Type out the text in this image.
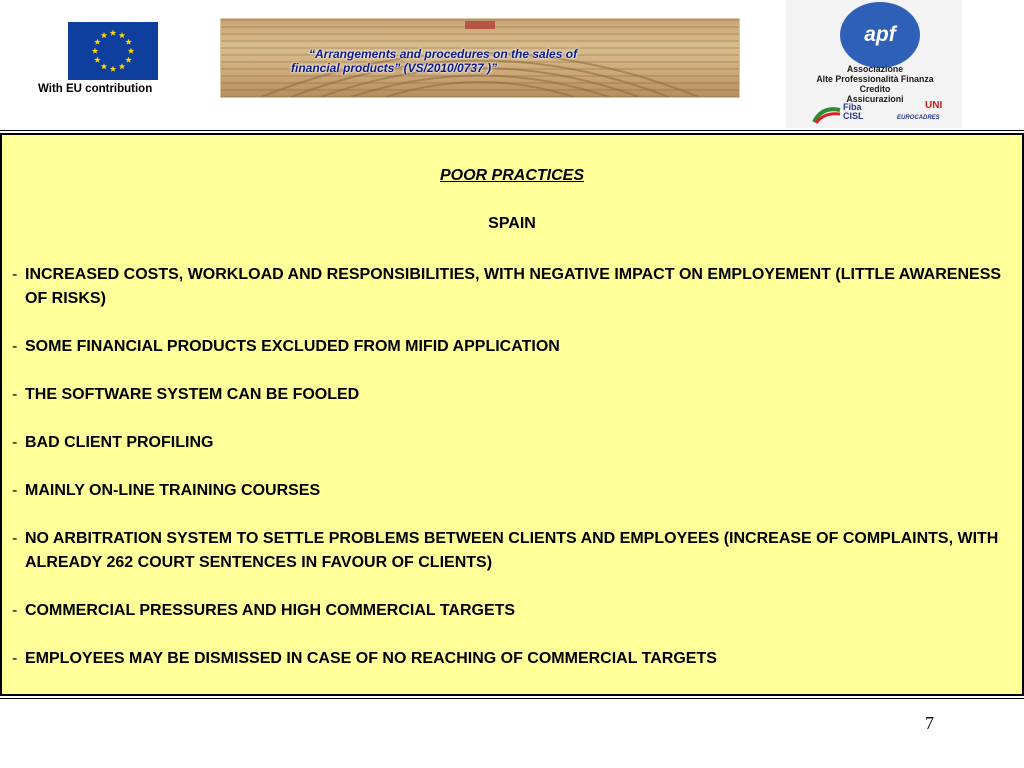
With EU contribution
“Arrangements and procedures on the sales of
financial products” (VS/2010/0737 )”
apf
Associazione
Alte Professionalità Finanza
Credito
Assicurazioni
Fiba
CISL
UNI
EUROCADRES
POOR PRACTICES
SPAIN
- INCREASED COSTS, WORKLOAD AND RESPONSIBILITIES, WITH NEGATIVE IMPACT ON EMPLOYEMENT (LITTLE AWARENESS OF RISKS)
- SOME FINANCIAL PRODUCTS EXCLUDED FROM MIFID APPLICATION
- THE SOFTWARE SYSTEM CAN BE FOOLED
- BAD CLIENT PROFILING
- MAINLY ON-LINE TRAINING COURSES
- NO ARBITRATION SYSTEM TO SETTLE PROBLEMS BETWEEN CLIENTS AND EMPLOYEES (INCREASE OF COMPLAINTS, WITH ALREADY 262 COURT SENTENCES IN FAVOUR OF CLIENTS)
- COMMERCIAL PRESSURES AND HIGH COMMERCIAL TARGETS
- EMPLOYEES MAY BE DISMISSED IN CASE OF NO REACHING OF COMMERCIAL TARGETS
7
